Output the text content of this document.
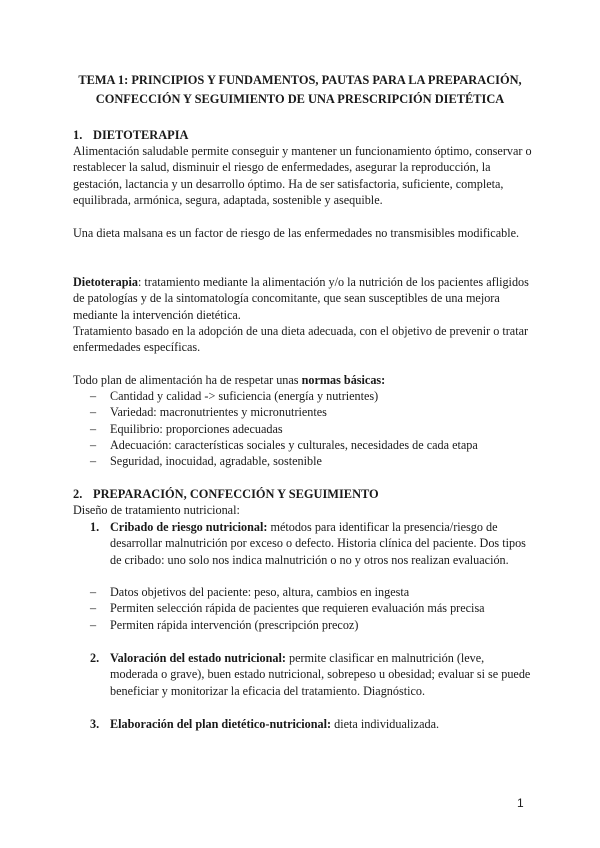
TEMA 1: PRINCIPIOS Y FUNDAMENTOS, PAUTAS PARA LA PREPARACIÓN,
CONFECCIÓN Y SEGUIMIENTO DE UNA PRESCRIPCIÓN DIETÉTICA
1. DIETOTERAPIA

Alimentación saludable permite conseguir y mantener un funcionamiento óptimo, conservar o restablecer la salud, disminuir el riesgo de enfermedades, asegurar la reproducción, la gestación, lactancia y un desarrollo óptimo. Ha de ser satisfactoria, suficiente, completa, equilibrada, armónica, segura, adaptada, sostenible y asequible.

Una dieta malsana es un factor de riesgo de las enfermedades no transmisibles modificable.

Dietoterapia: tratamiento mediante la alimentación y/o la nutrición de los pacientes afligidos de patologías y de la sintomatología concomitante, que sean susceptibles de una mejora mediante la intervención dietética.

Tratamiento basado en la adopción de una dieta adecuada, con el objetivo de prevenir o tratar enfermedades específicas.

Todo plan de alimentación ha de respetar unas normas básicas:

– Cantidad y calidad -> suficiencia (energía y nutrientes)
– Variedad: macronutrientes y micronutrientes
– Equilibrio: proporciones adecuadas
– Adecuación: características sociales y culturales, necesidades de cada etapa
– Seguridad, inocuidad, agradable, sostenible
2. PREPARACIÓN, CONFECCIÓN Y SEGUIMIENTO

Diseño de tratamiento nutricional:

1. Cribado de riesgo nutricional: métodos para identificar la presencia/riesgo de desarrollar malnutrición por exceso o defecto. Historia clínica del paciente. Dos tipos de cribado: uno solo nos indica malnutrición o no y otros nos realizan evaluación.
– Datos objetivos del paciente: peso, altura, cambios en ingesta
– Permiten selección rápida de pacientes que requieren evaluación más precisa
– Permiten rápida intervención (prescripción precoz)
2. Valoración del estado nutricional: permite clasificar en malnutrición (leve, moderada o grave), buen estado nutricional, sobrepeso u obesidad; evaluar si se puede beneficiar y monitorizar la eficacia del tratamiento. Diagnóstico.
3. Elaboración del plan dietético-nutricional: dieta individualizada.
1
